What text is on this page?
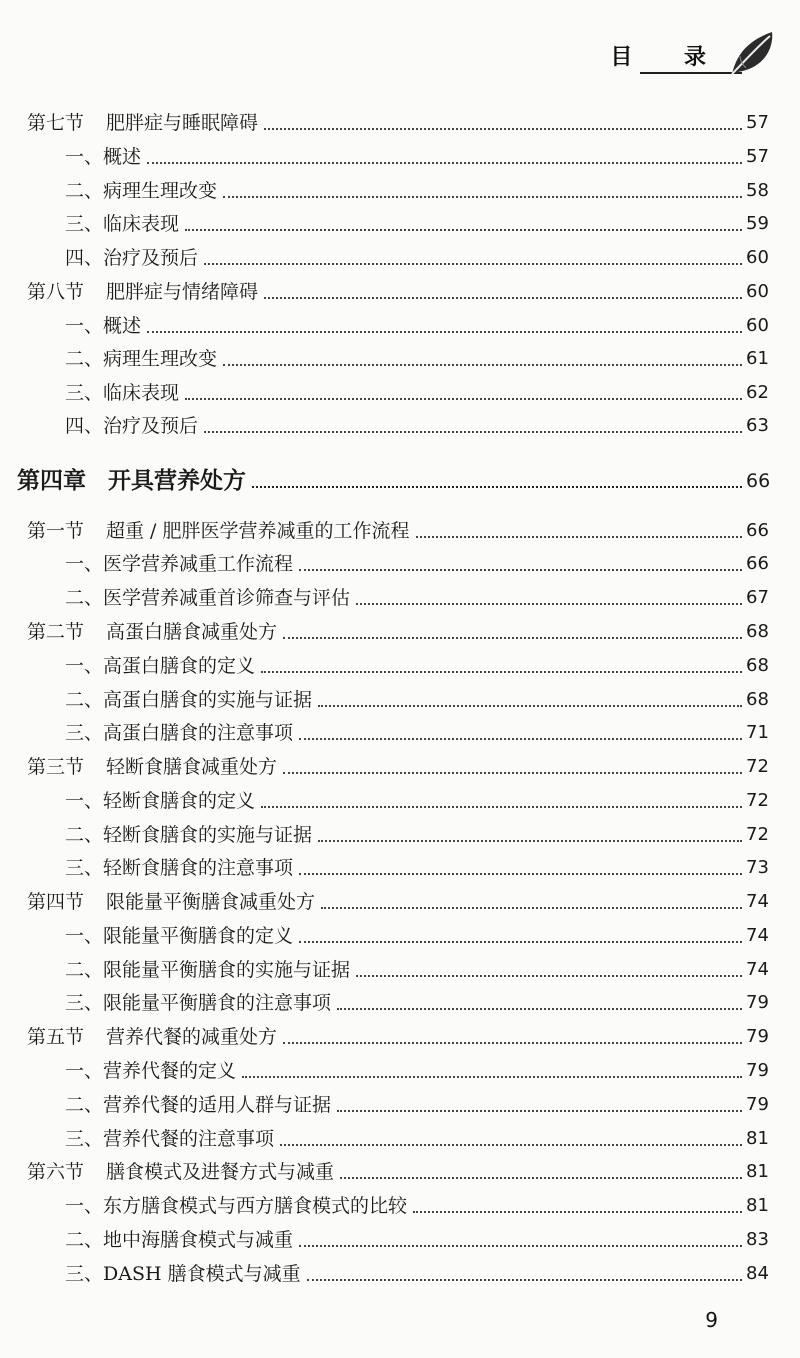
目 录
第七节	肥胖症与睡眠障碍	57
一、 概述	57
二、 病理生理改变	58
三、 临床表现	59
四、 治疗及预后	60
第八节	肥胖症与情绪障碍	60
一、 概述	60
二、 病理生理改变	61
三、 临床表现	62
四、 治疗及预后	63
第四章 开具营养处方	66
第一节	超重 / 肥胖医学营养减重的工作流程	66
一、 医学营养减重工作流程	66
二、 医学营养减重首诊筛查与评估	67
第二节	高蛋白膳食减重处方	68
一、 高蛋白膳食的定义	68
二、 高蛋白膳食的实施与证据	68
三、 高蛋白膳食的注意事项	71
第三节	轻断食膳食减重处方	72
一、 轻断食膳食的定义	72
二、 轻断食膳食的实施与证据	72
三、 轻断食膳食的注意事项	73
第四节	限能量平衡膳食减重处方	74
一、 限能量平衡膳食的定义	74
二、 限能量平衡膳食的实施与证据	74
三、 限能量平衡膳食的注意事项	79
第五节	营养代餐的减重处方	79
一、 营养代餐的定义	79
二、 营养代餐的适用人群与证据	79
三、 营养代餐的注意事项	81
第六节	膳食模式及进餐方式与减重	81
一、 东方膳食模式与西方膳食模式的比较	81
二、 地中海膳食模式与减重	83
三、 DASH 膳食模式与减重	84
9
